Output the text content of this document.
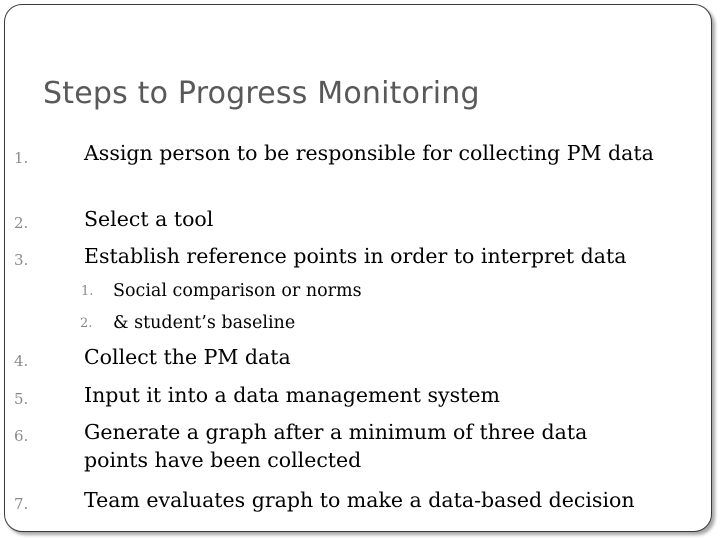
Steps to Progress Monitoring
1.	Assign person to be responsible for collecting PM data
2.	Select a tool
3.	Establish reference points in order to interpret data
1. Social comparison or norms
2. & student’s baseline
4.	Collect the PM data
5.	Input it into a data management system
6.	Generate a graph after a minimum of three data points have been collected
7.	Team evaluates graph to make a data-based decision
